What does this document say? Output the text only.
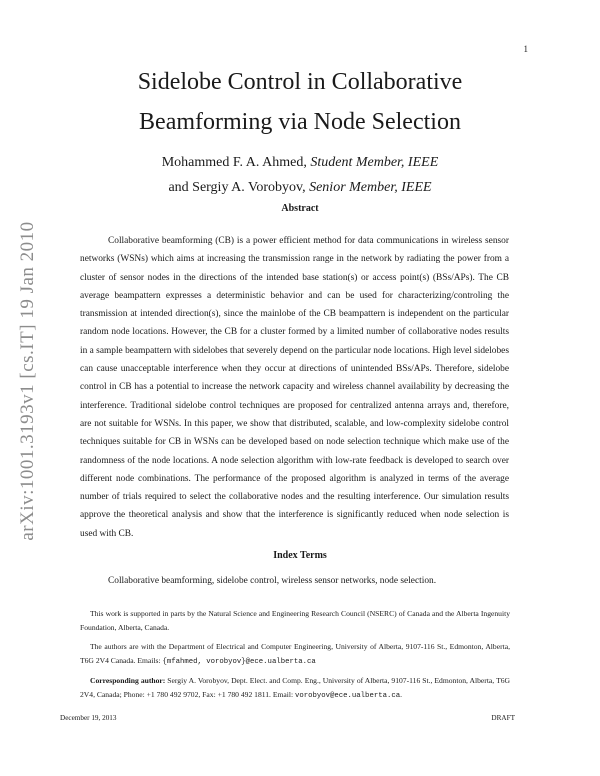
1
arXiv:1001.3193v1 [cs.IT] 19 Jan 2010
Sidelobe Control in Collaborative
Beamforming via Node Selection
Mohammed F. A. Ahmed, Student Member, IEEE
and Sergiy A. Vorobyov, Senior Member, IEEE
Abstract

Collaborative beamforming (CB) is a power efficient method for data communications in wireless sensor networks (WSNs) which aims at increasing the transmission range in the network by radiating the power from a cluster of sensor nodes in the directions of the intended base station(s) or access point(s) (BSs/APs). The CB average beampattern expresses a deterministic behavior and can be used for characterizing/controling the transmission at intended direction(s), since the mainlobe of the CB beampattern is independent on the particular random node locations. However, the CB for a cluster formed by a limited number of collaborative nodes results in a sample beampattern with sidelobes that severely depend on the particular node locations. High level sidelobes can cause unacceptable interference when they occur at directions of unintended BSs/APs. Therefore, sidelobe control in CB has a potential to increase the network capacity and wireless channel availability by decreasing the interference. Traditional sidelobe control techniques are proposed for centralized antenna arrays and, therefore, are not suitable for WSNs. In this paper, we show that distributed, scalable, and low-complexity sidelobe control techniques suitable for CB in WSNs can be developed based on node selection technique which make use of the randomness of the node locations. A node selection algorithm with low-rate feedback is developed to search over different node combinations. The performance of the proposed algorithm is analyzed in terms of the average number of trials required to select the collaborative nodes and the resulting interference. Our simulation results approve the theoretical analysis and show that the interference is significantly reduced when node selection is used with CB.

Index Terms

Collaborative beamforming, sidelobe control, wireless sensor networks, node selection.

This work is supported in parts by the Natural Science and Engineering Research Council (NSERC) of Canada and the Alberta Ingenuity Foundation, Alberta, Canada.

The authors are with the Department of Electrical and Computer Engineering, University of Alberta, 9107-116 St., Edmonton, Alberta, T6G 2V4 Canada. Emails: {mfahmed, vorobyov}@ece.ualberta.ca

Corresponding author: Sergiy A. Vorobyov, Dept. Elect. and Comp. Eng., University of Alberta, 9107-116 St., Edmonton, Alberta, T6G 2V4, Canada; Phone: +1 780 492 9702, Fax: +1 780 492 1811. Email: vorobyov@ece.ualberta.ca.

December 19, 2013	DRAFT
